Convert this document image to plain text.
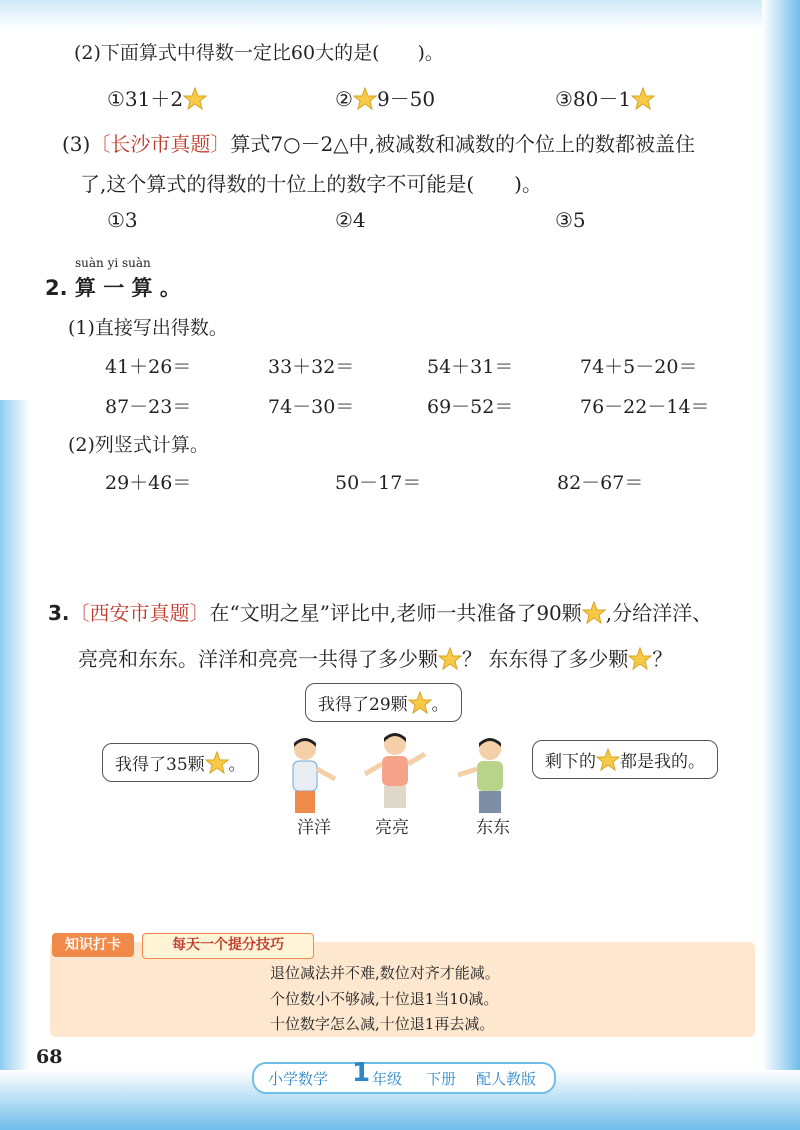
(2)下面算式中得数一定比60大的是(　　)。
①31＋2	② 9－50	③80－1
(3)〔长沙市真题〕算式7○－2△中,被减数和减数的个位上的数都被盖住
了,这个算式的得数的十位上的数字不可能是(　　)。
①3	②4	③5
suàn yi suàn
2. 算 一 算 。
(1)直接写出得数。
41＋26＝	33＋32＝	54＋31＝	74＋5－20＝
87－23＝	74－30＝	69－52＝	76－22－14＝
(2)列竖式计算。
29＋46＝	50－17＝	82－67＝
3.〔西安市真题〕在“文明之星”评比中,老师一共准备了90颗 ,分给洋洋、
亮亮和东东。洋洋和亮亮一共得了多少颗 ？ 东东得了多少颗 ？
我得了29颗 。
我得了35颗 。	剩下的 都是我的。
洋洋	亮亮	东东
知识打卡	每天一个提分技巧
退位减法并不难,数位对齐才能减。
个位数小不够减,十位退1当10减。
十位数字怎么减,十位退1再去减。
68
小学数学 1 年级 下册 配人教版
